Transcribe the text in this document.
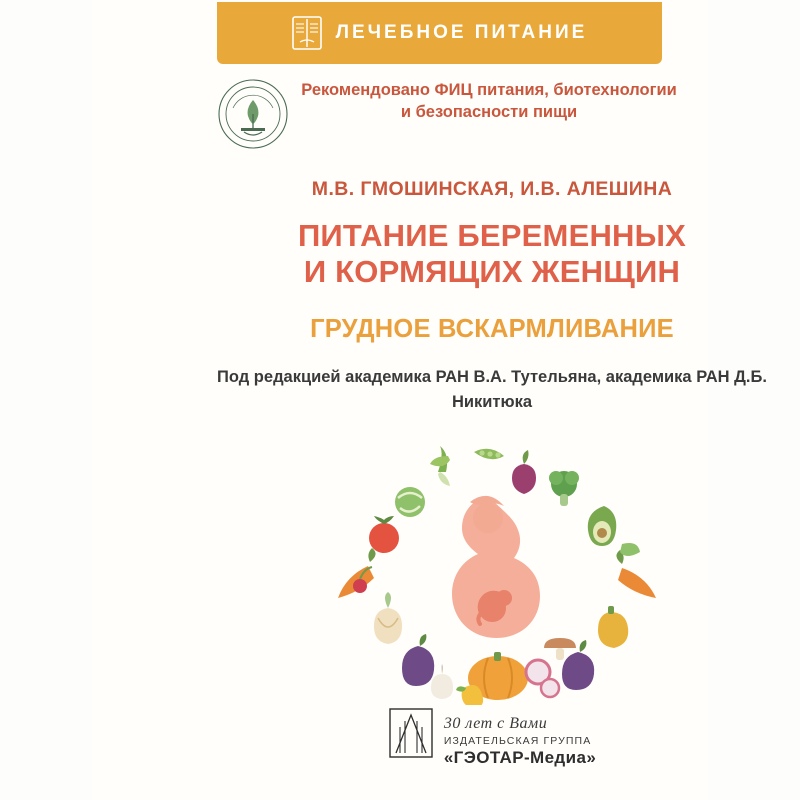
ЛЕЧЕБНОЕ ПИТАНИЕ
Рекомендовано ФИЦ питания, биотехнологии и безопасности пищи
М.В. ГМОШИНСКАЯ, И.В. АЛЕШИНА
ПИТАНИЕ БЕРЕМЕННЫХ
И КОРМЯЩИХ ЖЕНЩИН
ГРУДНОЕ ВСКАРМЛИВАНИЕ
Под редакцией академика РАН В.А. Тутельяна, академика РАН Д.Б. Никитюка
30 лет с Вами
ИЗДАТЕЛЬСКАЯ ГРУППА
«ГЭОТАР-Медиа»
